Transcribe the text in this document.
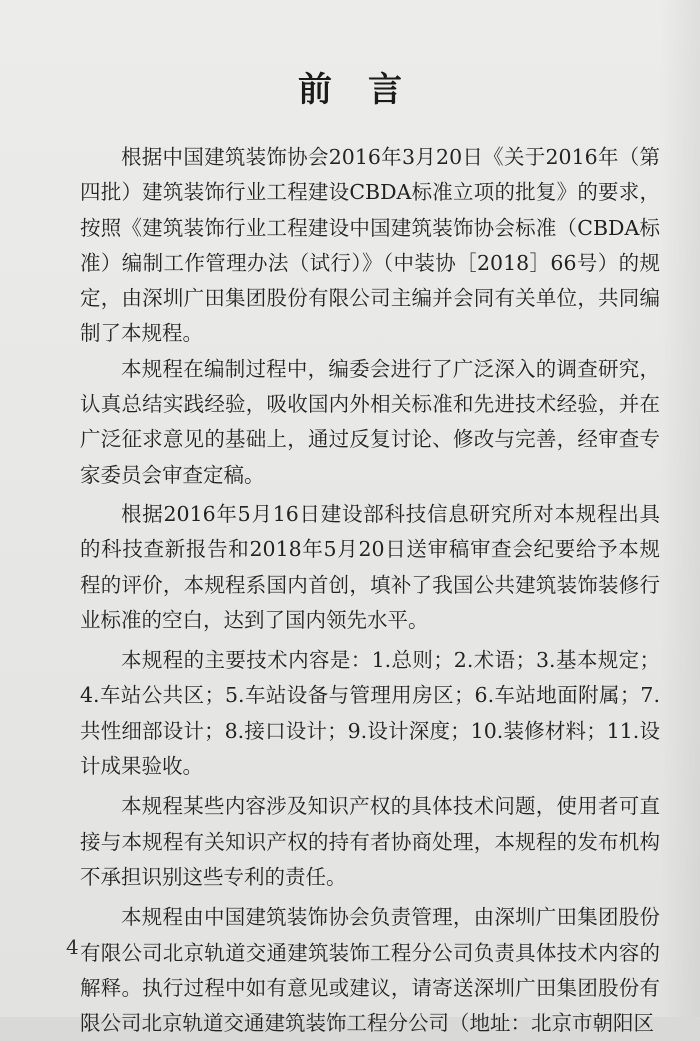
前言

根据中国建筑装饰协会2016年3月20日《关于2016年（第四批）建筑装饰行业工程建设CBDA标准立项的批复》的要求，按照《建筑装饰行业工程建设中国建筑装饰协会标准（CBDA标准）编制工作管理办法（试行）》（中装协［2018］66号）的规定，由深圳广田集团股份有限公司主编并会同有关单位，共同编制了本规程。

本规程在编制过程中，编委会进行了广泛深入的调查研究，认真总结实践经验，吸收国内外相关标准和先进技术经验，并在广泛征求意见的基础上，通过反复讨论、修改与完善，经审查专家委员会审查定稿。

根据2016年5月16日建设部科技信息研究所对本规程出具的科技查新报告和2018年5月20日送审稿审查会纪要给予本规程的评价，本规程系国内首创，填补了我国公共建筑装饰装修行业标准的空白，达到了国内领先水平。

本规程的主要技术内容是：1.总则；2.术语；3.基本规定；4.车站公共区；5.车站设备与管理用房区；6.车站地面附属；7.共性细部设计；8.接口设计；9.设计深度；10.装修材料；11.设计成果验收。

本规程某些内容涉及知识产权的具体技术问题，使用者可直接与本规程有关知识产权的持有者协商处理，本规程的发布机构不承担识别这些专利的责任。

本规程由中国建筑装饰协会负责管理，由深圳广田集团股份有限公司北京轨道交通建筑装饰工程分公司负责具体技术内容的解释。执行过程中如有意见或建议，请寄送深圳广田集团股份有限公司北京轨道交通建筑装饰工程分公司（地址：北京市朝阳区

4
